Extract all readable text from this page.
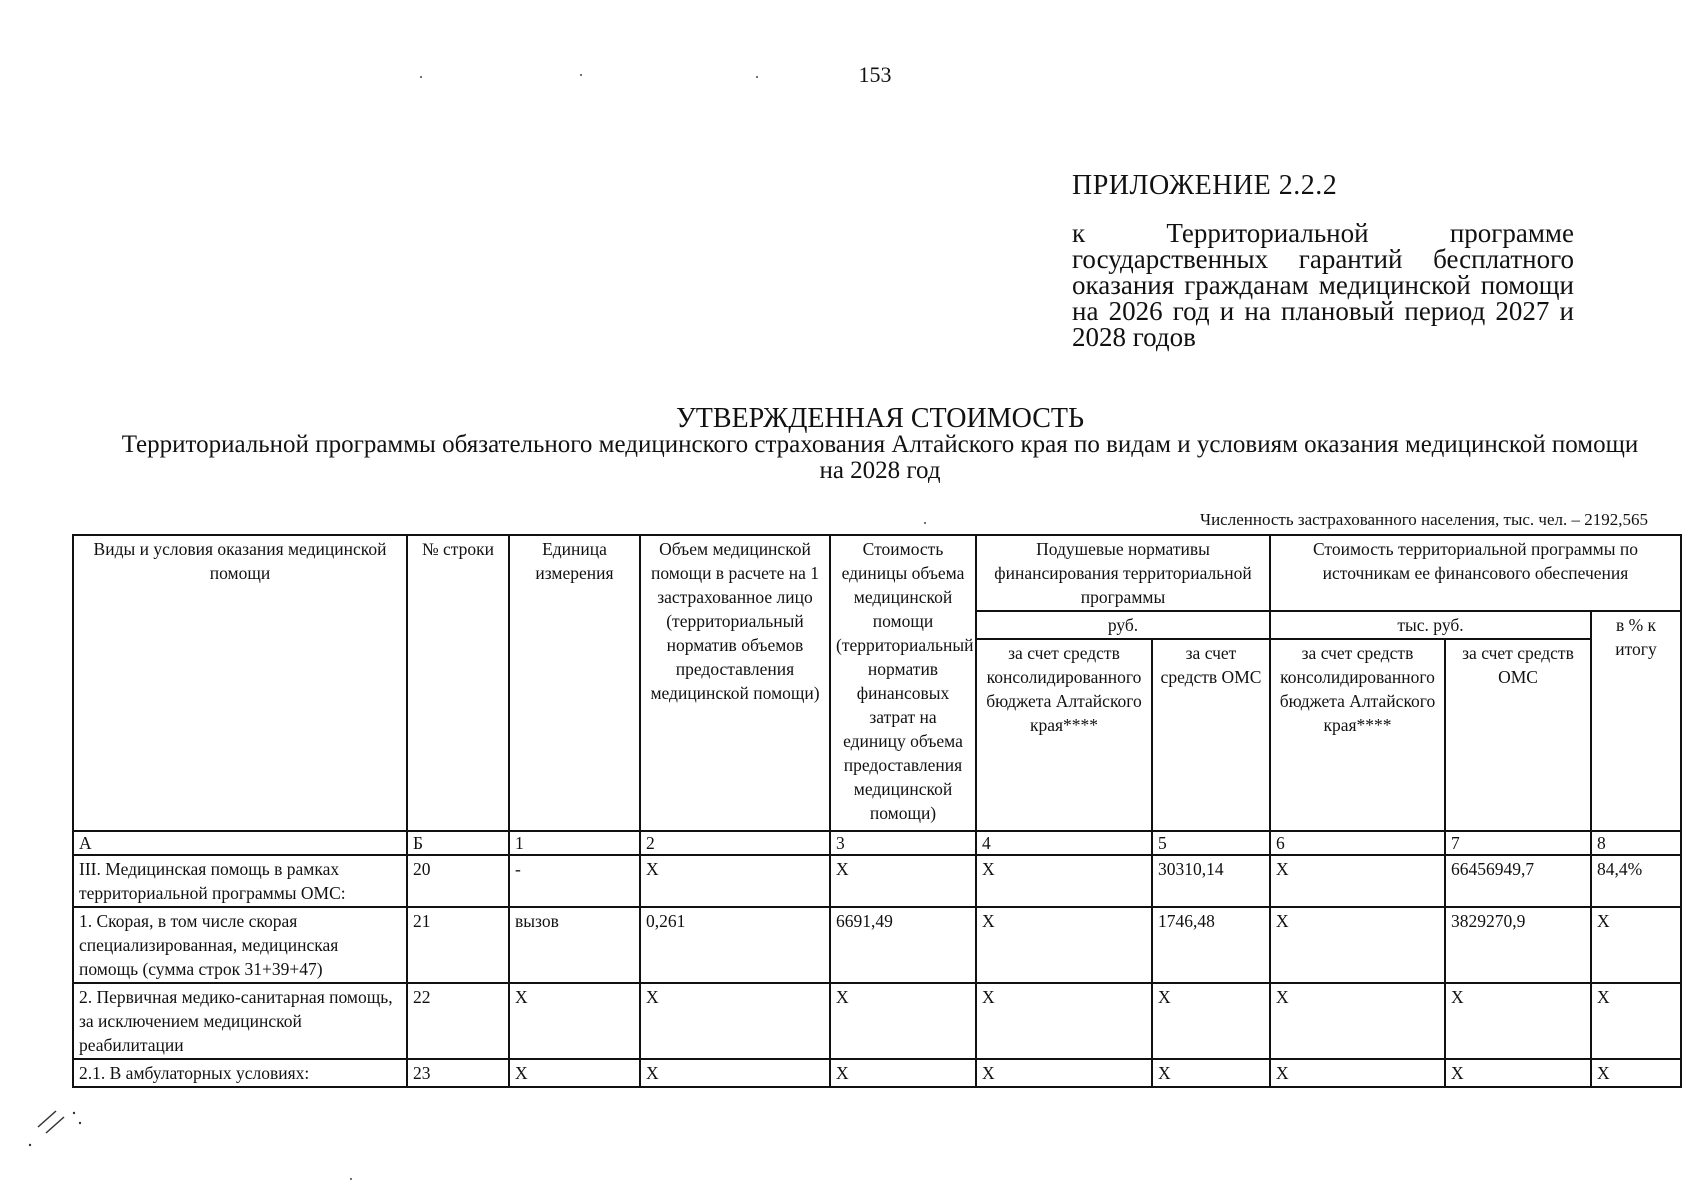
153
ПРИЛОЖЕНИЕ 2.2.2
к Территориальной программе государственных гарантий бесплатного оказания гражданам медицинской помощи на 2026 год и на плановый период 2027 и 2028 годов
УТВЕРЖДЕННАЯ СТОИМОСТЬ
Территориальной программы обязательного медицинского страхования Алтайского края по видам и условиям оказания медицинской помощи на 2028 год
Численность застрахованного населения, тыс. чел. – 2192,565
Виды и условия оказания медицинской помощи	№ строки	Единица измерения	Объем медицинской помощи в расчете на 1 застрахованное лицо (территориальный норматив объемов предоставления медицинской помощи)	Стоимость единицы объема медицинской помощи (территориальный норматив финансовых затрат на единицу объема предоставления медицинской помощи)	Подушевые нормативы финансирования территориальной программы		Стоимость территориальной программы по источникам ее финансового обеспечения		
					руб.		тыс. руб.		в % к итогу
					за счет средств консолидированного бюджета Алтайского края****	за счет средств ОМС	за счет средств консолидированного бюджета Алтайского края****	за счет средств ОМС	
А	Б	1	2	3	4	5	6	7	8
III. Медицинская помощь в рамках территориальной программы ОМС:	20	-	Х	Х	Х	30310,14	Х	66456949,7	84,4%
1. Скорая, в том числе скорая специализированная, медицинская помощь (сумма строк 31+39+47)	21	вызов	0,261	6691,49	Х	1746,48	Х	3829270,9	Х
2. Первичная медико-санитарная помощь, за исключением медицинской реабилитации	22	Х	Х	Х	Х	Х	Х	Х	Х
2.1. В амбулаторных условиях:	23	Х	Х	Х	Х	Х	Х	Х	Х
